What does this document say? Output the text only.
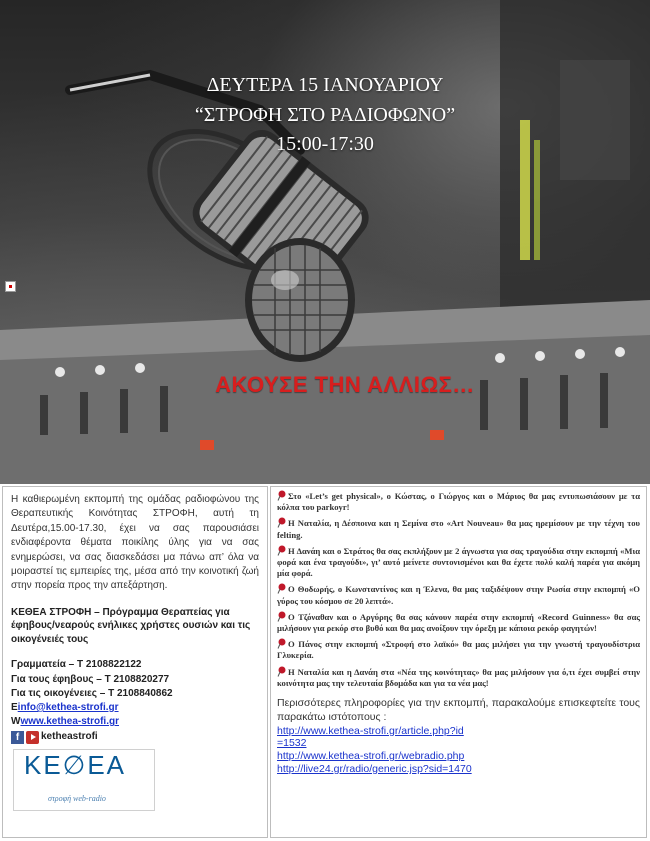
ΔΕΥΤΕΡΑ 15 ΙΑΝΟΥΑΡΙΟΥ
“ΣΤΡΟΦΗ ΣΤΟ ΡΑΔΙΟΦΩΝΟ”
15:00-17:30
ΑΚΟΥΣΕ ΤΗΝ ΑΛΛΙΩΣ…

Η καθιερωμένη εκπομπή της ομάδας ραδιοφώνου της Θεραπευτικής Κοινότητας ΣΤΡΟΦΗ, αυτή τη Δευτέρα,15.00-17.30, έχει να σας παρουσιάσει ενδιαφέροντα θέματα ποικίλης ύλης για να σας ενημερώσει, να σας διασκεδάσει μα πάνω απ’ όλα να μοιραστεί τις εμπειρίες της, μέσα από την κοινοτική ζωή στην πορεία προς την απεξάρτηση.

ΚΕΘΕΑ ΣΤΡΟΦΗ – Πρόγραμμα Θεραπείας για έφηβους/νεαρούς ενήλικες χρήστες ουσιών και τις οικογένειές τους

Γραμματεία – Τ 2108822122
Για τους έφηβους – Τ 2108820277
Για τις οικογένειες – Τ 2108840862
Einfo@kethea-strofi.gr
Wwww.kethea-strofi.gr
f	ketheastrofi
ΚΕ∅ΕΑ
στροφή web-radio

Στο «Let’s get physical», ο Κώστας, ο Γιώργος και ο Μάριος θα μας εντυπωσιάσουν με τα κόλπα του parkoyr!

Η Ναταλία, η Δέσποινα και η Σεμίνα στο «Art Nouveau» θα μας ηρεμίσουν με την τέχνη του felting.

Η Δανάη και ο Στράτος θα σας εκπλήξουν με 2 άγνωστα για σας τραγούδια στην εκπομπή «Μια φορά και ένα τραγούδι», γι’ αυτό μείνετε συντονισμένοι και θα έχετε πολύ καλή παρέα για ακόμη μία φορά.

Ο Θοδωρής, ο Κωνσταντίνος και η Έλενα, θα μας ταξιδέψουν στην Ρωσία στην εκπομπή «Ο γύρος του κόσμου σε 20 λεπτά».

Ο Τζόναθαν και ο Αργύρης θα σας κάνουν παρέα στην εκπομπή «Record Guinness» θα σας μιλήσουν για ρεκόρ στο βυθό και θα μας ανοίξουν την όρεξη με κάποια ρεκόρ φαγητών!

Ο Πάνος στην εκπομπή «Στροφή στο λαϊκό» θα μας μιλήσει για την γνωστή τραγουδίστρια Γλυκερία.

Η Ναταλία και η Δανάη στα «Νέα της κοινότητας» θα μας μιλήσουν για ό,τι έχει συμβεί στην κοινότητα μας την τελευταία βδομάδα και για τα νέα μας!

Περισσότερες πληροφορίες για την εκπομπή, παρακαλούμε επισκεφτείτε τους παρακάτω ιστότοπους :

http://www.kethea-strofi.gr/article.php?id
=1532
http://www.kethea-strofi.gr/webradio.php
http://live24.gr/radio/generic.jsp?sid=1470
